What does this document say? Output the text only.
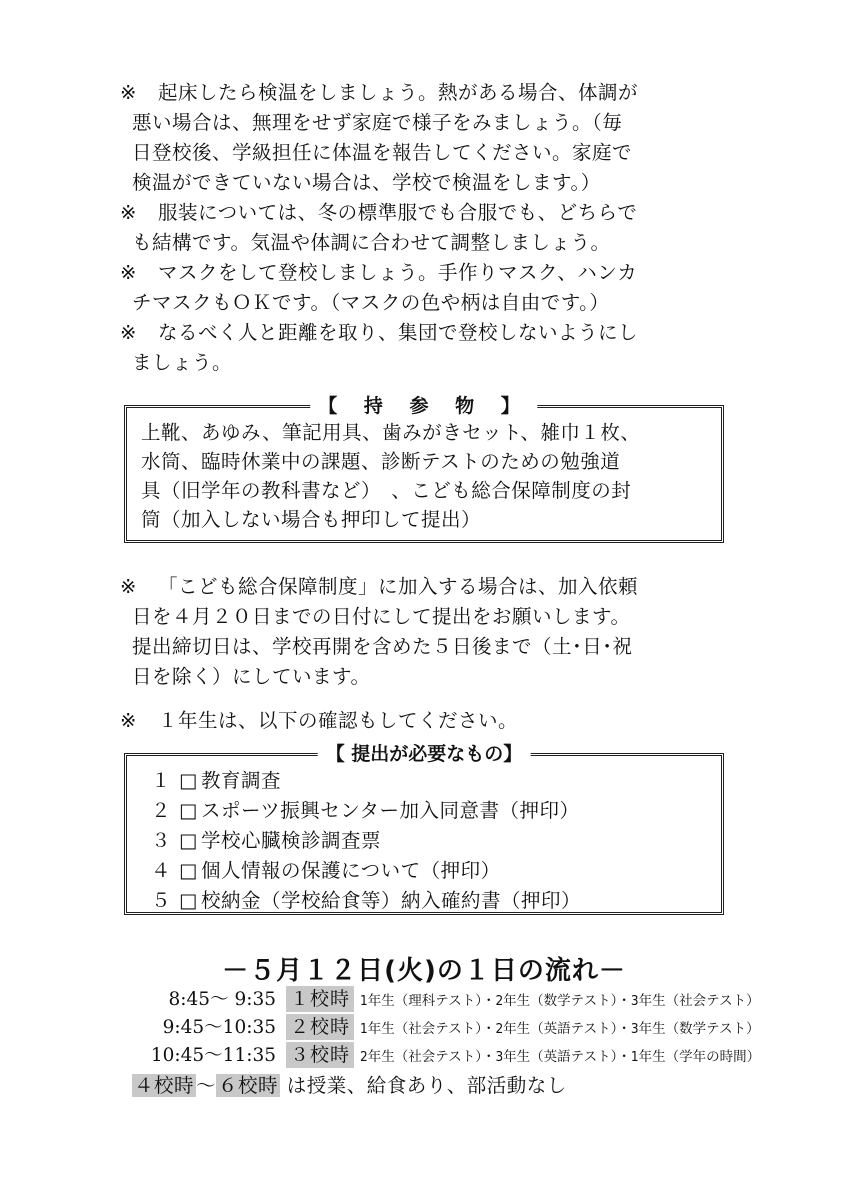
※	起床したら検温をしましょう。熱がある場合、体調が
悪い場合は、無理をせず家庭で様子をみましょう。（毎
日登校後、学級担任に体温を報告してください。家庭で
検温ができていない場合は、学校で検温をします。）

※	服装については、冬の標準服でも合服でも、どちらで
も結構です。気温や体調に合わせて調整しましょう。

※	マスクをして登校しましょう。手作りマスク、ハンカ
チマスクもＯＫです。（マスクの色や柄は自由です。）

※	なるべく人と距離を取り、集団で登校しないようにし
ましょう。

【 持 参 物 】
上靴、あゆみ、筆記用具、歯みがきセット、雑巾１枚、
水筒、臨時休業中の課題、診断テストのための勉強道
具（旧学年の教科書など）　、こども総合保障制度の封
筒（加入しない場合も押印して提出）

※	「こども総合保障制度」に加入する場合は、加入依頼
日を４月２０日までの日付にして提出をお願いします。
提出締切日は、学校再開を含めた５日後まで（土･日･祝
日を除く）にしています。

※	１年生は、以下の確認もしてください。

【 提出が必要なもの】
１ □ 教育調査
２ □ スポーツ振興センター加入同意書（押印）
３ □ 学校心臓検診調査票
４ □ 個人情報の保護について（押印）
５ □ 校納金（学校給食等）納入確約書（押印）
－５月１２日(火)の１日の流れ－
8:45～ 9:35 １校時 1年生（理科テスト）・2年生（数学テスト）・3年生（社会テスト）
9:45～10:35 ２校時 1年生（社会テスト）・2年生（英語テスト）・3年生（数学テスト）
10:45～11:35 ３校時 2年生（社会テスト）・3年生（英語テスト）・1年生（学年の時間）
４校時 ～ ６校時 は授業、給食あり、部活動なし
